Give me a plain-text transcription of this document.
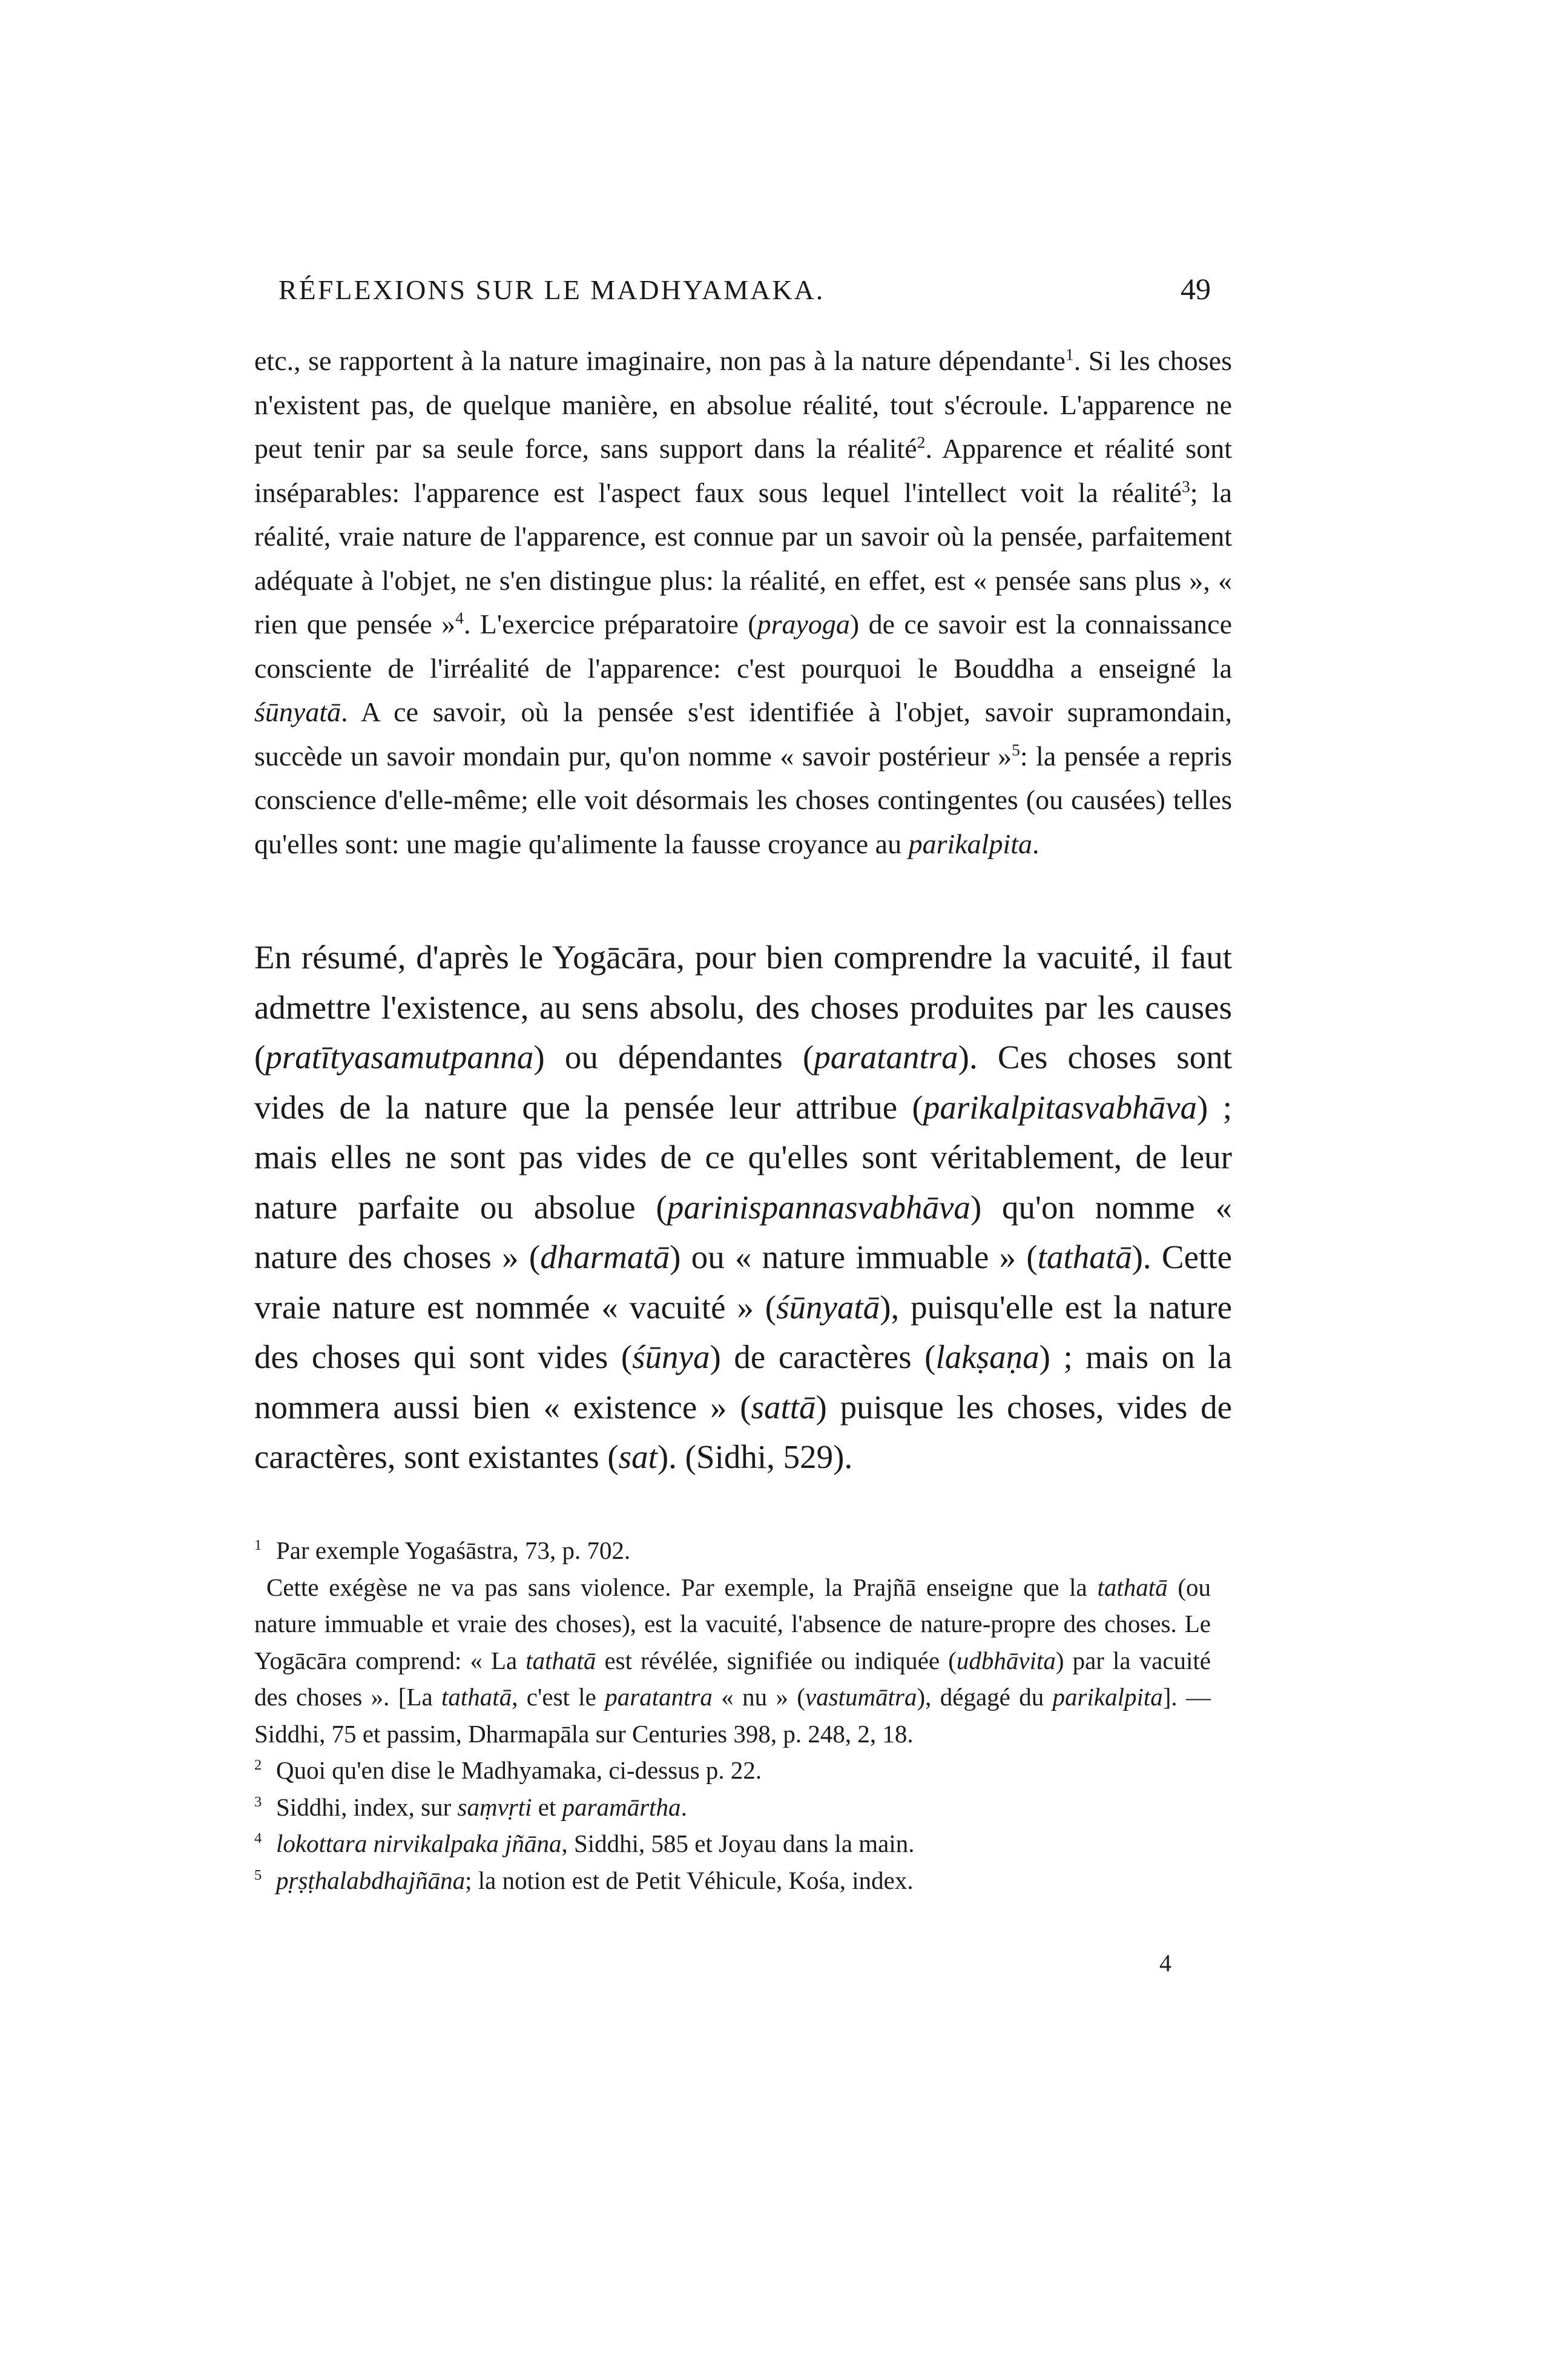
RÉFLEXIONS SUR LE MADHYAMAKA.	49

etc., se rapportent à la nature imaginaire, non pas à la nature dépendante$^1$. Si les choses n'existent pas, de quelque manière, en absolue réalité, tout s'écroule. L'apparence ne peut tenir par sa seule force, sans support dans la réalité$^2$. Apparence et réalité sont inséparables: l'apparence est l'aspect faux sous lequel l'intellect voit la réalité$^3$; la réalité, vraie nature de l'apparence, est connue par un savoir où la pensée, parfaitement adéquate à l'objet, ne s'en distingue plus: la réalité, en effet, est « pensée sans plus », « rien que pensée »$^4$. L'exercice préparatoire (prayoga) de ce savoir est la connaissance consciente de l'irréalité de l'apparence: c'est pourquoi le Bouddha a enseigné la śūnyatā. A ce savoir, où la pensée s'est identifiée à l'objet, savoir supramondain, succède un savoir mondain pur, qu'on nomme « savoir postérieur »$^5$: la pensée a repris conscience d'elle-même; elle voit désormais les choses contingentes (ou causées) telles qu'elles sont: une magie qu'alimente la fausse croyance au parikalpita.

En résumé, d'après le Yogācāra, pour bien comprendre la vacuité, il faut admettre l'existence, au sens absolu, des choses produites par les causes (pratītyasamutpanna) ou dépendantes (paratantra). Ces choses sont vides de la nature que la pensée leur attribue (parikalpitasvabhāva) ; mais elles ne sont pas vides de ce qu'elles sont véritablement, de leur nature parfaite ou absolue (parinispannasvabhāva) qu'on nomme « nature des choses » (dharmatā) ou « nature immuable » (tathatā). Cette vraie nature est nommée « vacuité » (śūnyatā), puisqu'elle est la nature des choses qui sont vides (śūnya) de caractères (lakṣaṇa) ; mais on la nommera aussi bien « existence » (sattā) puisque les choses, vides de caractères, sont existantes (sat). (Sidhi, 529).

$^1$ Par exemple Yogaśāstra, 73, p. 702.

Cette exégèse ne va pas sans violence. Par exemple, la Prajñā enseigne que la tathatā (ou nature immuable et vraie des choses), est la vacuité, l'absence de nature-propre des choses. Le Yogācāra comprend: « La tathatā est révélée, signifiée ou indiquée (udbhāvita) par la vacuité des choses ». [La tathatā, c'est le paratantra « nu » (vastumātra), dégagé du parikalpita]. — Siddhi, 75 et passim, Dharmapāla sur Centuries 398, p. 248, 2, 18.

$^2$ Quoi qu'en dise le Madhyamaka, ci-dessus p. 22.

$^3$ Siddhi, index, sur saṃvṛti et paramārtha.

$^4$ lokottara nirvikalpaka jñāna, Siddhi, 585 et Joyau dans la main.

$^5$ pṛṣṭhalabdhajñāna; la notion est de Petit Véhicule, Kośa, index.

4
